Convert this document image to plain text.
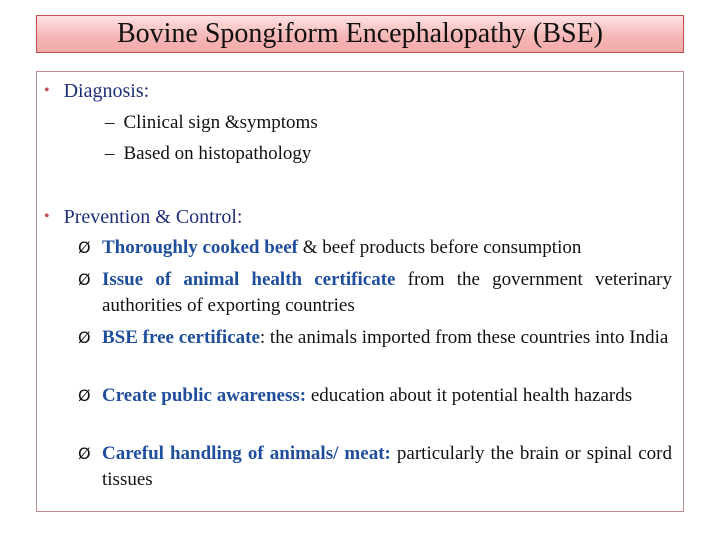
Bovine Spongiform Encephalopathy (BSE)
• Diagnosis:
– Clinical sign &symptoms
– Based on histopathology
• Prevention & Control:
Ø Thoroughly cooked beef & beef products before consumption
Ø Issue of animal health certificate from the government veterinary authorities of exporting countries
Ø BSE free certificate: the animals imported from these countries into India
Ø Create public awareness: education about it potential health hazards
Ø Careful handling of animals/ meat: particularly the brain or spinal cord tissues
